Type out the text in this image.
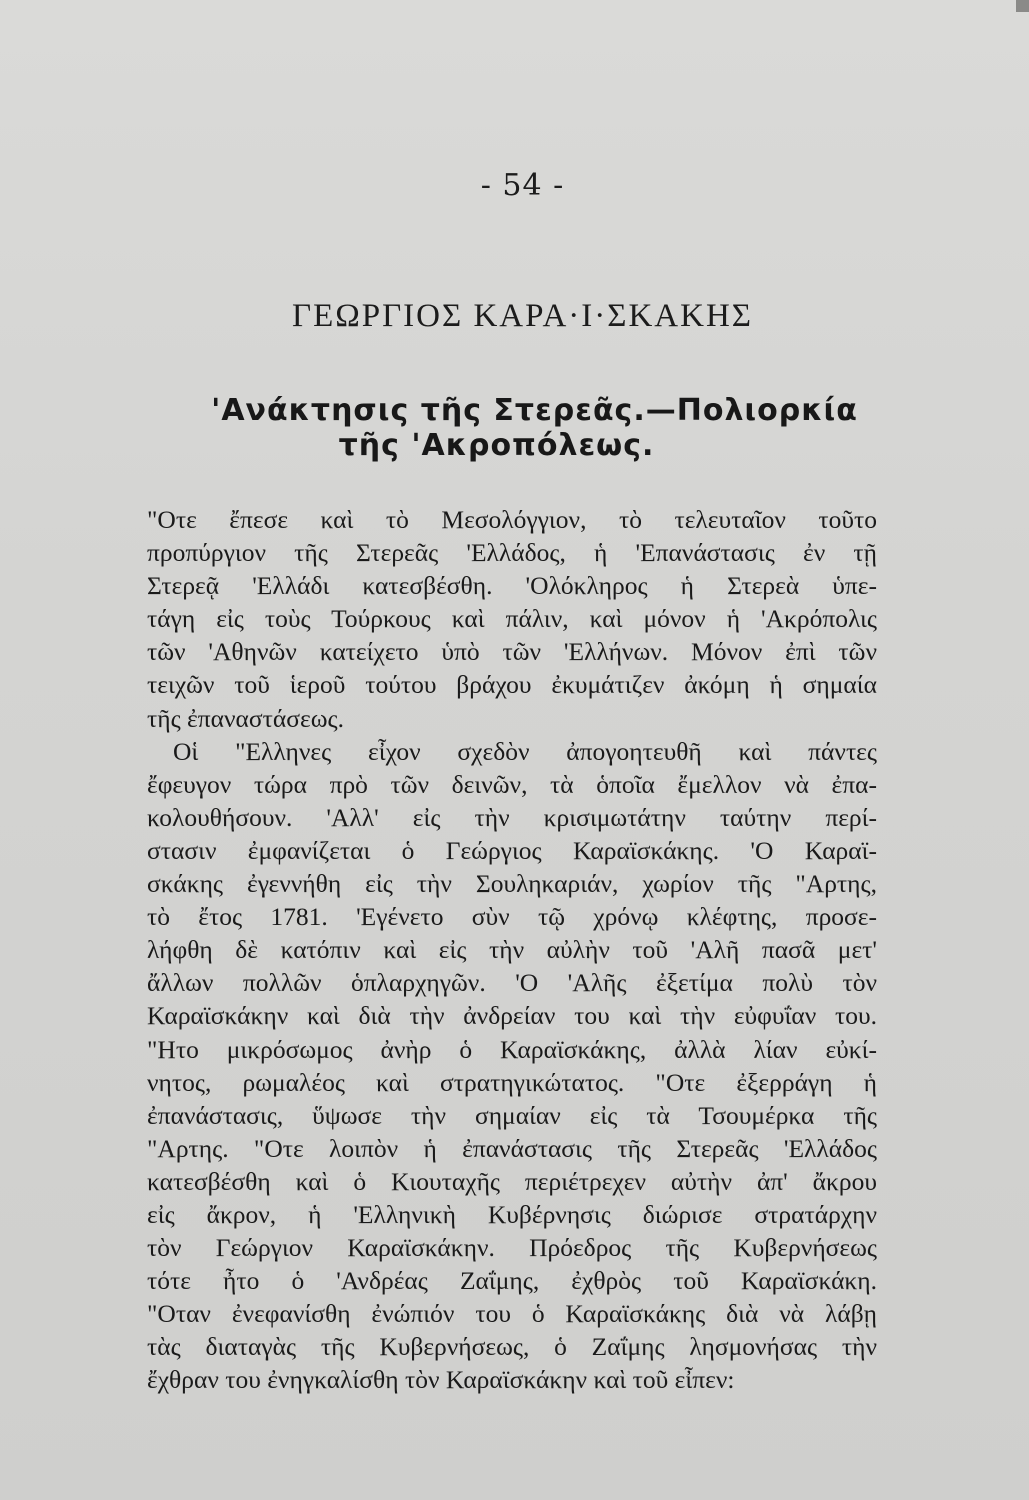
- 54 -
ΓΕΩΡΓΙΟΣ ΚΑΡΑ·Ι·ΣΚΑΚΗΣ
'Ανάκτησις τῆς Στερεᾶς.—Πολιορκία
τῆς 'Ακροπόλεως.
"Οτε ἔπεσε καὶ τὸ Μεσολόγγιον, τὸ τελευταῖον τοῦτο
προπύργιον τῆς Στερεᾶς 'Ελλάδος, ἡ 'Επανάστασις ἐν τῇ
Στερεᾷ 'Ελλάδι κατεσβέσθη. 'Ολόκληρος ἡ Στερεὰ ὑπε-
τάγη εἰς τοὺς Τούρκους καὶ πάλιν, καὶ μόνον ἡ 'Ακρόπολις
τῶν 'Αθηνῶν κατείχετο ὑπὸ τῶν 'Ελλήνων. Μόνον ἐπὶ τῶν
τειχῶν τοῦ ἱεροῦ τούτου βράχου ἐκυμάτιζεν ἀκόμη ἡ σημαία
τῆς ἐπαναστάσεως.
Οἱ "Ελληνες εἶχον σχεδὸν ἀπογοητευθῆ καὶ πάντες
ἔφευγον τώρα πρὸ τῶν δεινῶν, τὰ ὁποῖα ἔμελλον νὰ ἐπα-
κολουθήσουν. 'Αλλ' εἰς τὴν κρισιμωτάτην ταύτην περί-
στασιν ἐμφανίζεται ὁ Γεώργιος Καραϊσκάκης. 'Ο Καραϊ-
σκάκης ἐγεννήθη εἰς τὴν Σουληκαριάν, χωρίον τῆς "Αρτης,
τὸ ἔτος 1781. 'Εγένετο σὺν τῷ χρόνῳ κλέφτης, προσε-
λήφθη δὲ κατόπιν καὶ εἰς τὴν αὐλὴν τοῦ 'Αλῆ πασᾶ μετ'
ἄλλων πολλῶν ὁπλαρχηγῶν. 'Ο 'Αλῆς ἐξετίμα πολὺ τὸν
Καραϊσκάκην καὶ διὰ τὴν ἀνδρείαν του καὶ τὴν εὐφυΐαν του.
"Ητο μικρόσωμος ἀνὴρ ὁ Καραϊσκάκης, ἀλλὰ λίαν εὐκί-
νητος, ρωμαλέος καὶ στρατηγικώτατος. "Οτε ἐξερράγη ἡ
ἐπανάστασις, ὕψωσε τὴν σημαίαν εἰς τὰ Τσουμέρκα τῆς
"Αρτης. "Οτε λοιπὸν ἡ ἐπανάστασις τῆς Στερεᾶς 'Ελλάδος
κατεσβέσθη καὶ ὁ Κιουταχῆς περιέτρεχεν αὐτὴν ἀπ' ἄκρου
εἰς ἄκρον, ἡ 'Ελληνικὴ Κυβέρνησις διώρισε στρατάρχην
τὸν Γεώργιον Καραϊσκάκην. Πρόεδρος τῆς Κυβερνήσεως
τότε ἦτο ὁ 'Ανδρέας Ζαΐμης, ἐχθρὸς τοῦ Καραϊσκάκη.
"Οταν ἐνεφανίσθη ἐνώπιόν του ὁ Καραϊσκάκης διὰ νὰ λάβῃ
τὰς διαταγὰς τῆς Κυβερνήσεως, ὁ Ζαΐμης λησμονήσας τὴν
ἔχθραν του ἐνηγκαλίσθη τὸν Καραϊσκάκην καὶ τοῦ εἶπεν:
